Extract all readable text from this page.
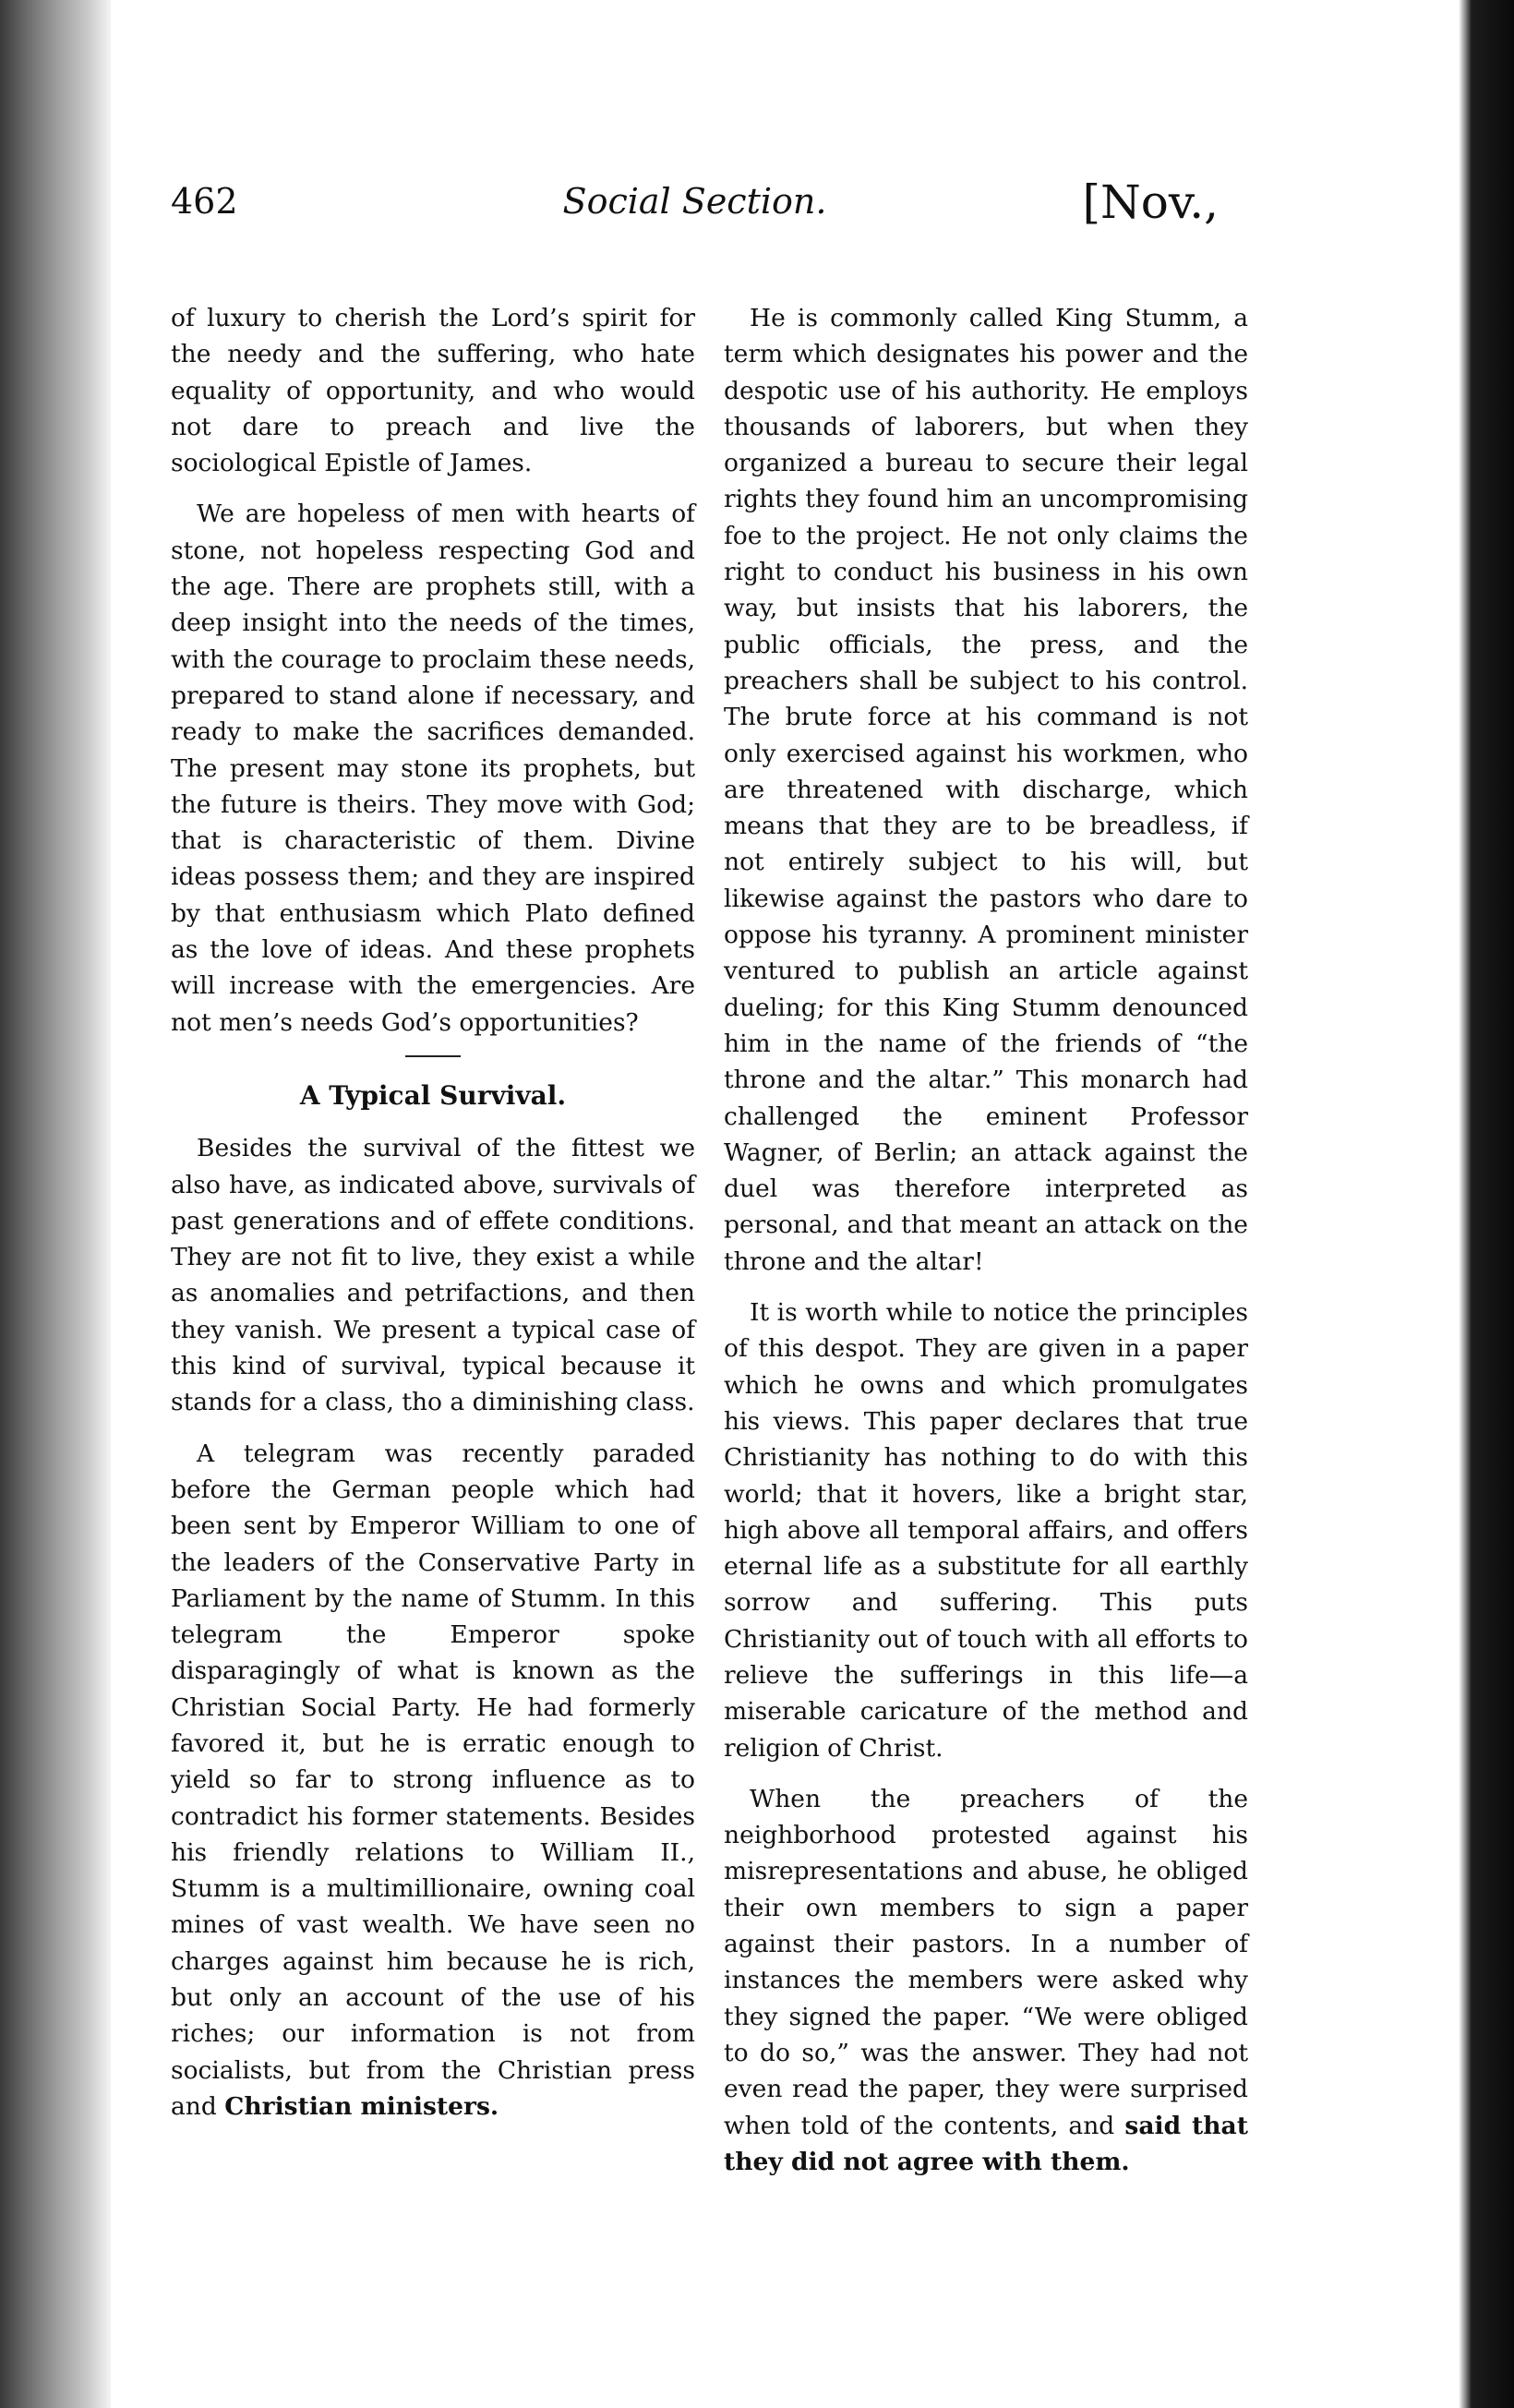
462	Social Section.	[Nov.,

of luxury to cherish the Lord’s spirit for the needy and the suffering, who hate equality of opportunity, and who would not dare to preach and live the sociological Epistle of James.

We are hopeless of men with hearts of stone, not hopeless respecting God and the age. There are prophets still, with a deep insight into the needs of the times, with the courage to proclaim these needs, prepared to stand alone if necessary, and ready to make the sacrifices demanded. The present may stone its prophets, but the future is theirs. They move with God; that is characteristic of them. Divine ideas possess them; and they are inspired by that enthusiasm which Plato defined as the love of ideas. And these prophets will increase with the emergencies. Are not men’s needs God’s opportunities?

A Typical Survival.

Besides the survival of the fittest we also have, as indicated above, survivals of past generations and of effete conditions. They are not fit to live, they exist a while as anomalies and petrifactions, and then they vanish. We present a typical case of this kind of survival, typical because it stands for a class, tho a diminishing class.

A telegram was recently paraded before the German people which had been sent by Emperor William to one of the leaders of the Conservative Party in Parliament by the name of Stumm. In this telegram the Emperor spoke disparagingly of what is known as the Christian Social Party. He had formerly favored it, but he is erratic enough to yield so far to strong influence as to contradict his former statements. Besides his friendly relations to William II., Stumm is a multimillionaire, owning coal mines of vast wealth. We have seen no charges against him because he is rich, but only an account of the use of his riches; our information is not from socialists, but from the Christian press and Christian ministers.

He is commonly called King Stumm, a term which designates his power and the despotic use of his authority. He employs thousands of laborers, but when they organized a bureau to secure their legal rights they found him an uncompromising foe to the project. He not only claims the right to conduct his business in his own way, but insists that his laborers, the public officials, the press, and the preachers shall be subject to his control. The brute force at his command is not only exercised against his workmen, who are threatened with discharge, which means that they are to be breadless, if not entirely subject to his will, but likewise against the pastors who dare to oppose his tyranny. A prominent minister ventured to publish an article against dueling; for this King Stumm denounced him in the name of the friends of “the throne and the altar.” This monarch had challenged the eminent Professor Wagner, of Berlin; an attack against the duel was therefore interpreted as personal, and that meant an attack on the throne and the altar!

It is worth while to notice the principles of this despot. They are given in a paper which he owns and which promulgates his views. This paper declares that true Christianity has nothing to do with this world; that it hovers, like a bright star, high above all temporal affairs, and offers eternal life as a substitute for all earthly sorrow and suffering. This puts Christianity out of touch with all efforts to relieve the sufferings in this life—a miserable caricature of the method and religion of Christ.

When the preachers of the neighborhood protested against his misrepresentations and abuse, he obliged their own members to sign a paper against their pastors. In a number of instances the members were asked why they signed the paper. “We were obliged to do so,” was the answer. They had not even read the paper, they were surprised when told of the contents, and said that they did not agree with them.
